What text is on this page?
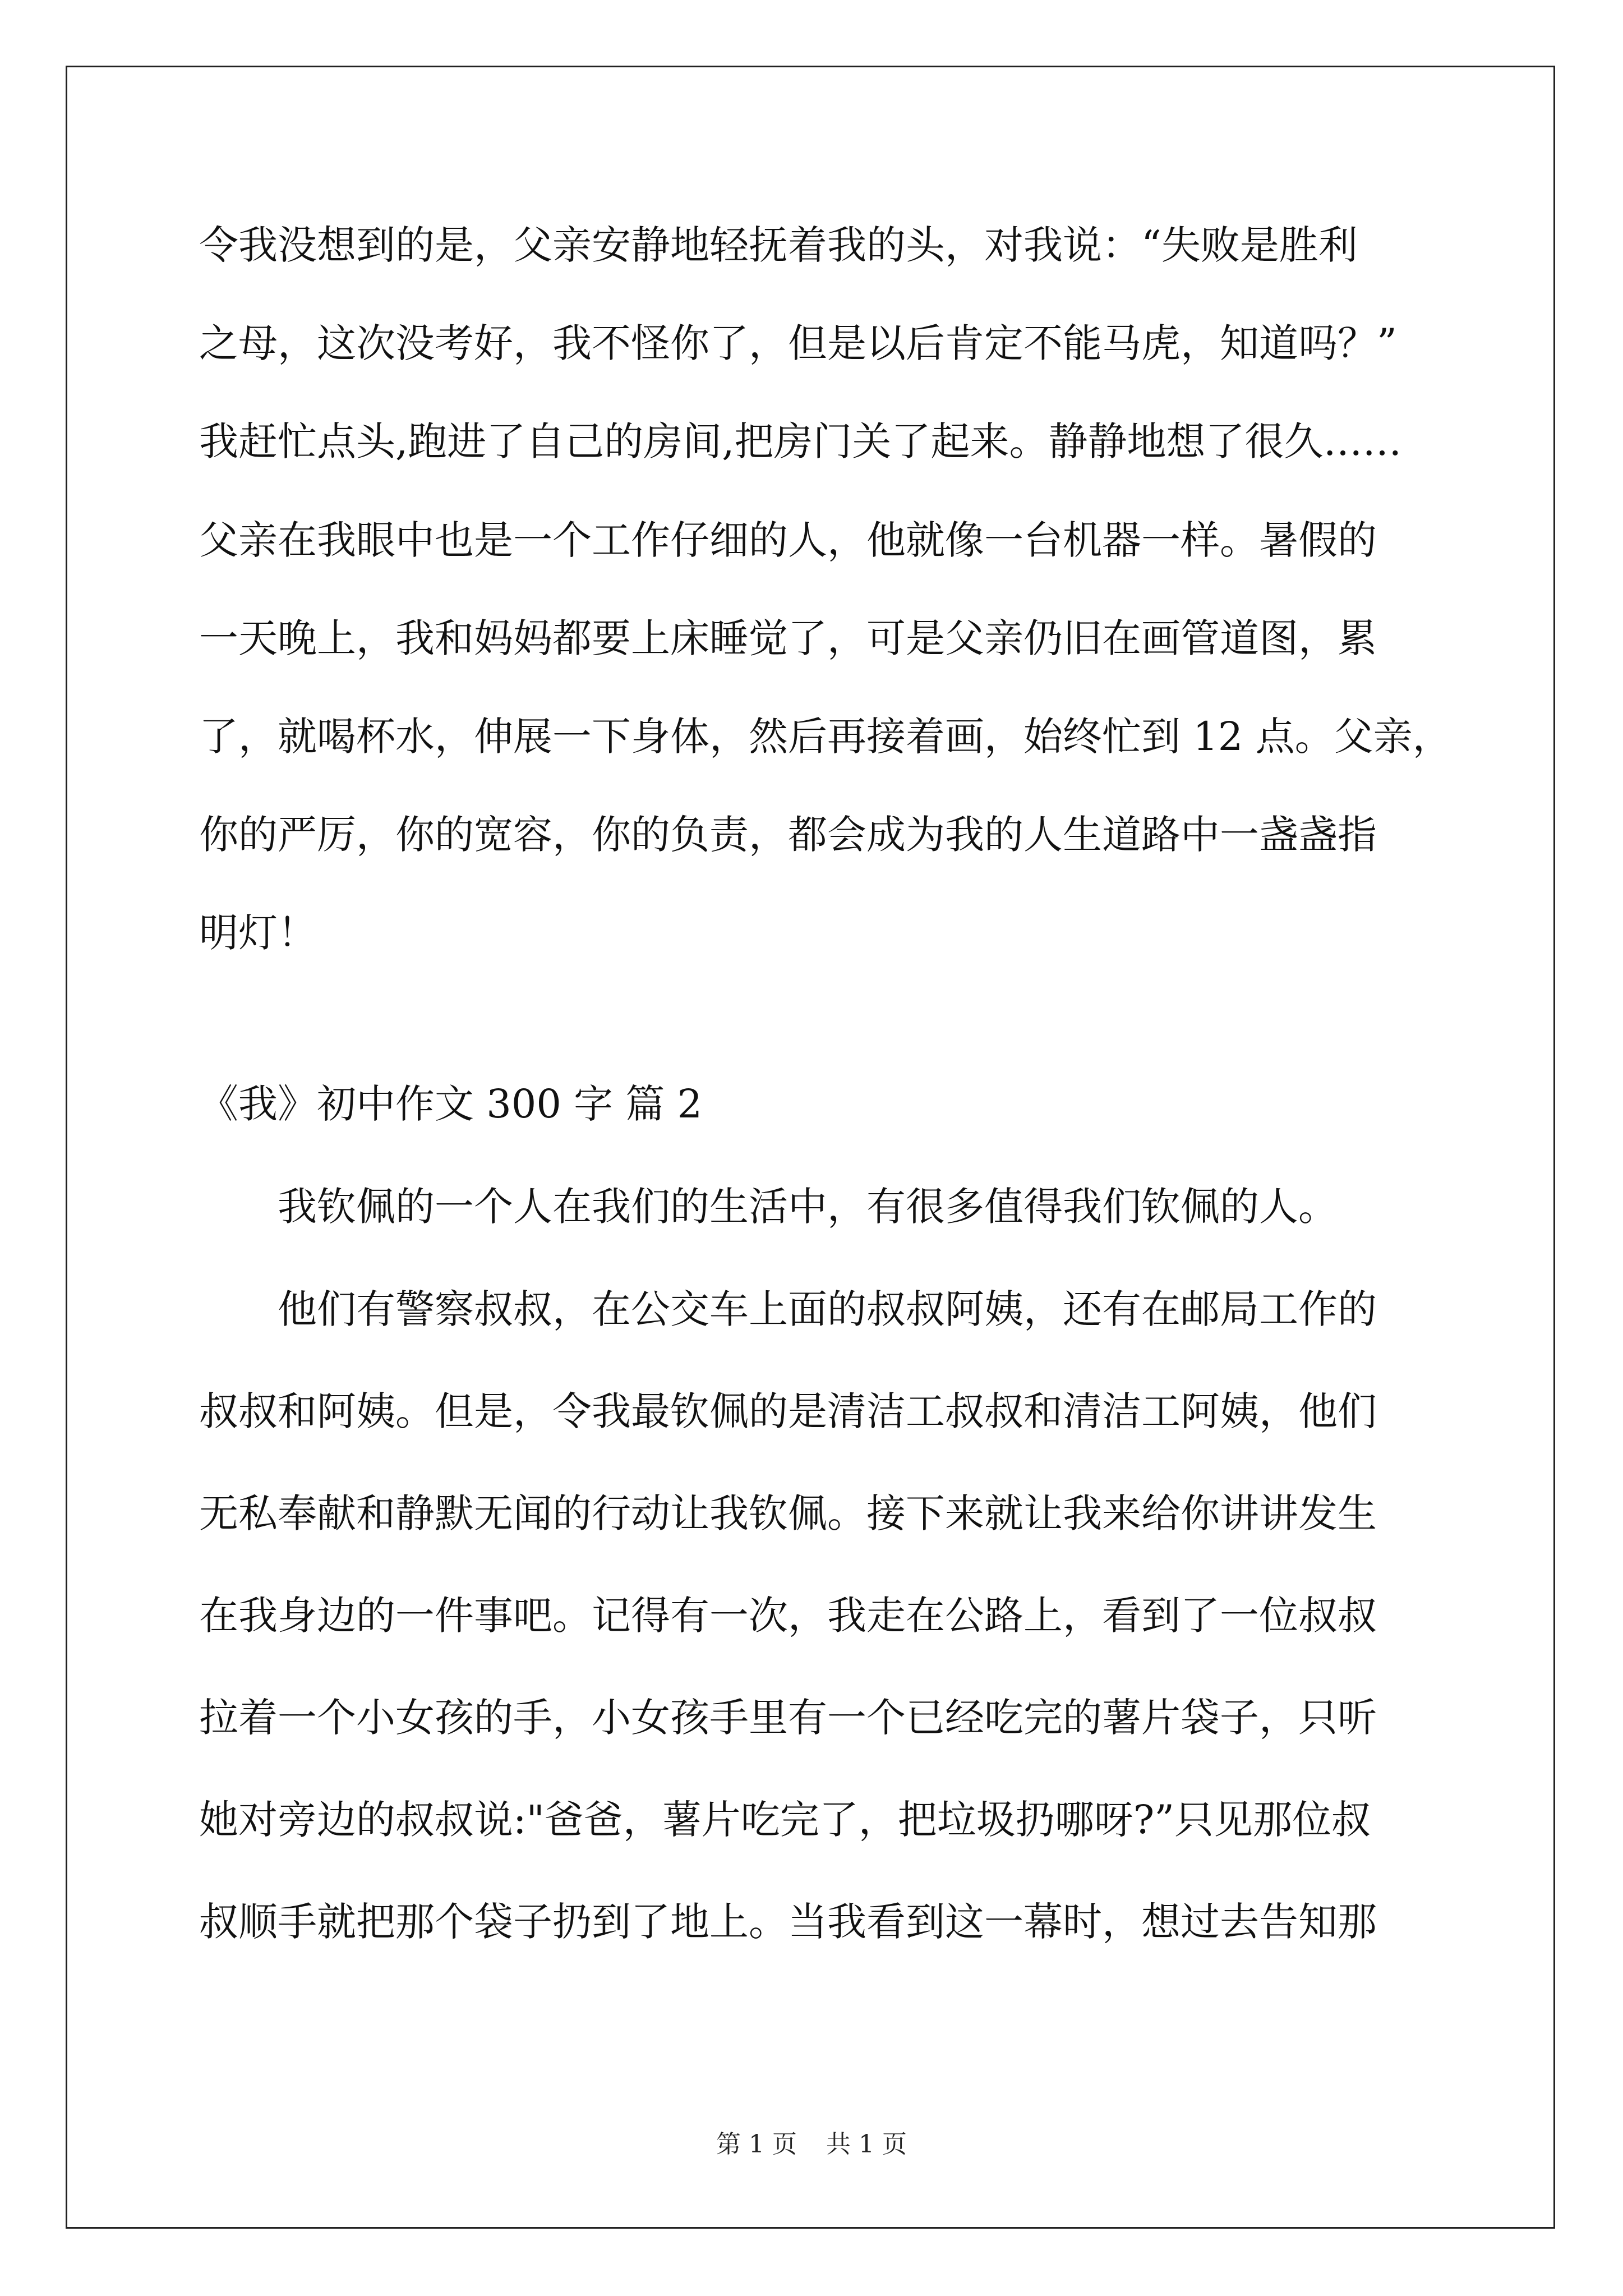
令我没想到的是，父亲安静地轻抚着我的头，对我说：“失败是胜利
之母，这次没考好，我不怪你了，但是以后肯定不能马虎，知道吗？”
我赶忙点头,跑进了自己的房间,把房门关了起来。静静地想了很久……
父亲在我眼中也是一个工作仔细的人，他就像一台机器一样。暑假的
一天晚上，我和妈妈都要上床睡觉了，可是父亲仍旧在画管道图，累
了，就喝杯水，伸展一下身体，然后再接着画，始终忙到 12 点。父亲，
你的严厉，你的宽容，你的负责，都会成为我的人生道路中一盏盏指
明灯！
《我》初中作文 300 字 篇 2
我钦佩的一个人在我们的生活中，有很多值得我们钦佩的人。
他们有警察叔叔，在公交车上面的叔叔阿姨，还有在邮局工作的
叔叔和阿姨。但是，令我最钦佩的是清洁工叔叔和清洁工阿姨，他们
无私奉献和静默无闻的行动让我钦佩。接下来就让我来给你讲讲发生
在我身边的一件事吧。记得有一次，我走在公路上，看到了一位叔叔
拉着一个小女孩的手，小女孩手里有一个已经吃完的薯片袋子，只听
她对旁边的叔叔说:"爸爸，薯片吃完了，把垃圾扔哪呀?”只见那位叔
叔顺手就把那个袋子扔到了地上。当我看到这一幕时，想过去告知那
第 1 页 共 1 页
